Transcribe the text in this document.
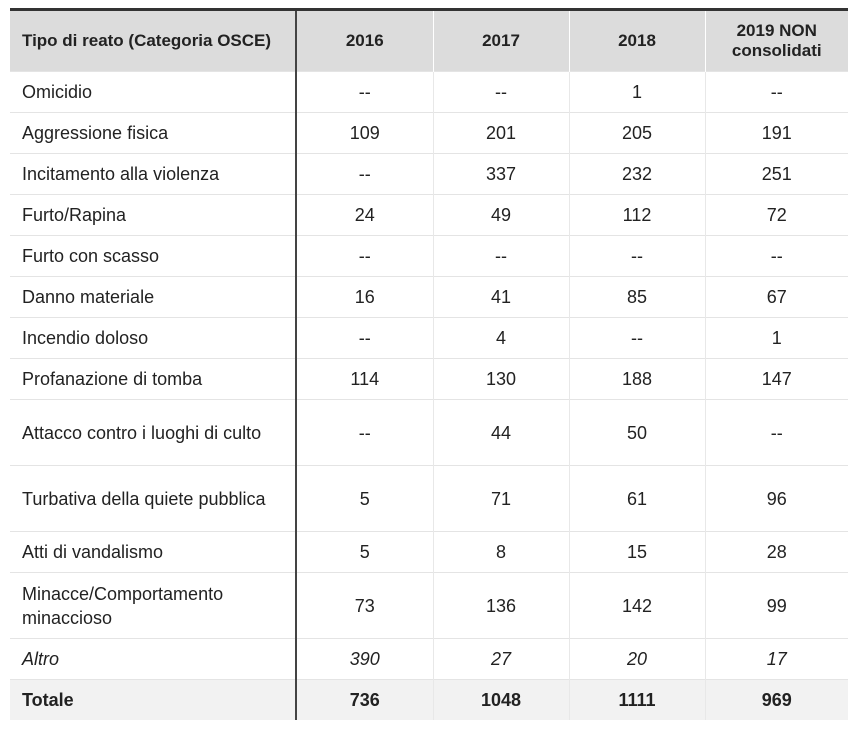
Tipo di reato (Categoria OSCE)	2016	2017	2018	2019 NON consolidati
Omicidio	--	--	1	--
Aggressione fisica	109	201	205	191
Incitamento alla violenza	--	337	232	251
Furto/Rapina	24	49	112	72
Furto con scasso	--	--	--	--
Danno materiale	16	41	85	67
Incendio doloso	--	4	--	1
Profanazione di tomba	114	130	188	147
Attacco contro i luoghi di culto	--	44	50	--
Turbativa della quiete pubblica	5	71	61	96
Atti di vandalismo	5	8	15	28
Minacce/Comportamento minaccioso	73	136	142	99
Altro	390	27	20	17
Totale	736	1048	1111	969
